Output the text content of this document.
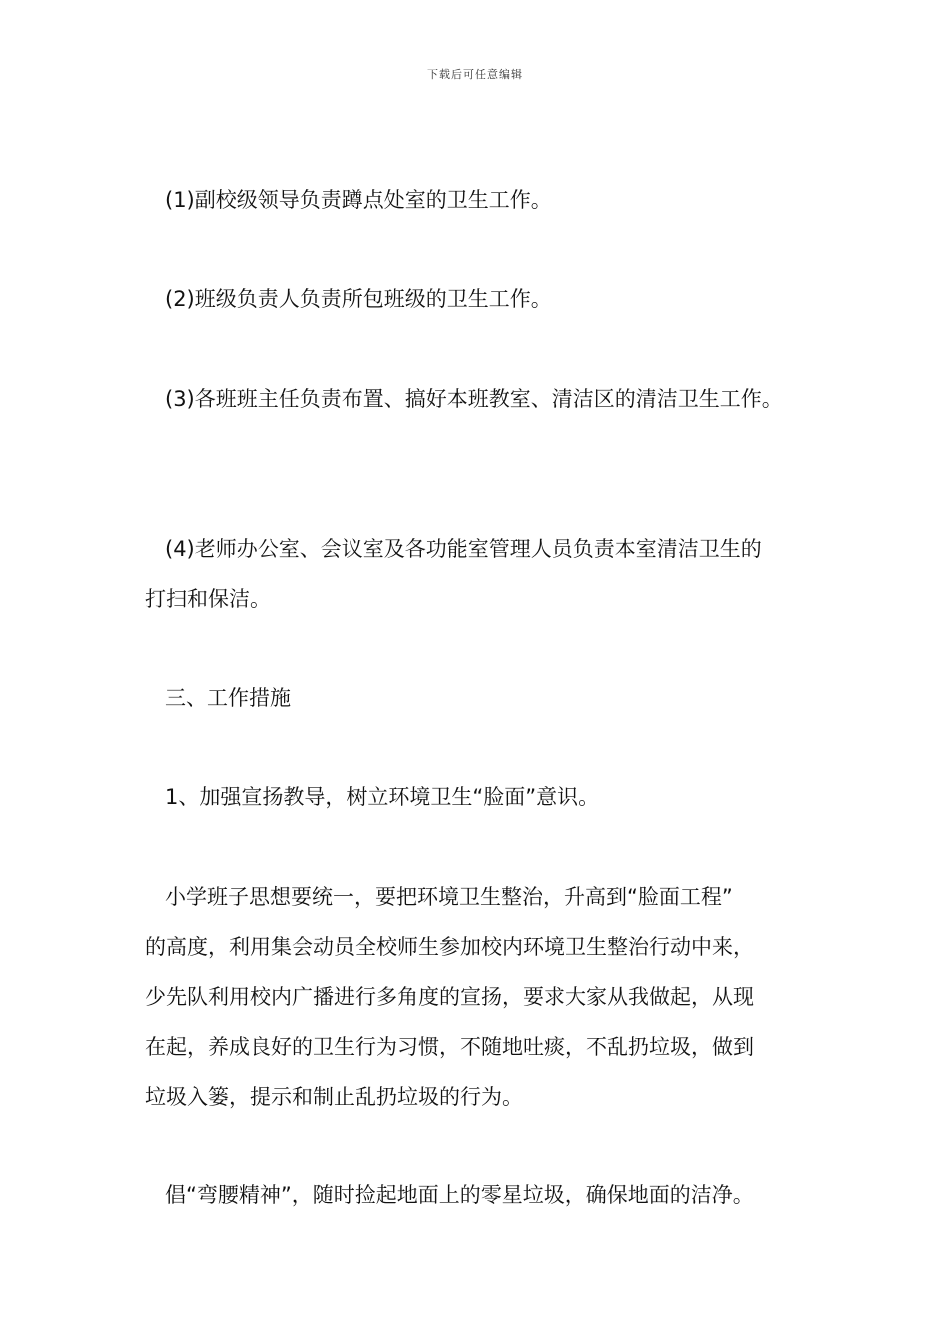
下载后可任意编辑
(1)副校级领导负责蹲点处室的卫生工作。
(2)班级负责人负责所包班级的卫生工作。
(3)各班班主任负责布置、搞好本班教室、清洁区的清洁卫生工作。
(4)老师办公室、会议室及各功能室管理人员负责本室清洁卫生的
打扫和保洁。
三、工作措施
1、加强宣扬教导，树立环境卫生“脸面”意识。
小学班子思想要统一，要把环境卫生整治，升高到“脸面工程”
的高度，利用集会动员全校师生参加校内环境卫生整治行动中来，
少先队利用校内广播进行多角度的宣扬，要求大家从我做起，从现
在起，养成良好的卫生行为习惯，不随地吐痰，不乱扔垃圾，做到
垃圾入篓，提示和制止乱扔垃圾的行为。
倡“弯腰精神”，随时捡起地面上的零星垃圾，确保地面的洁净。
